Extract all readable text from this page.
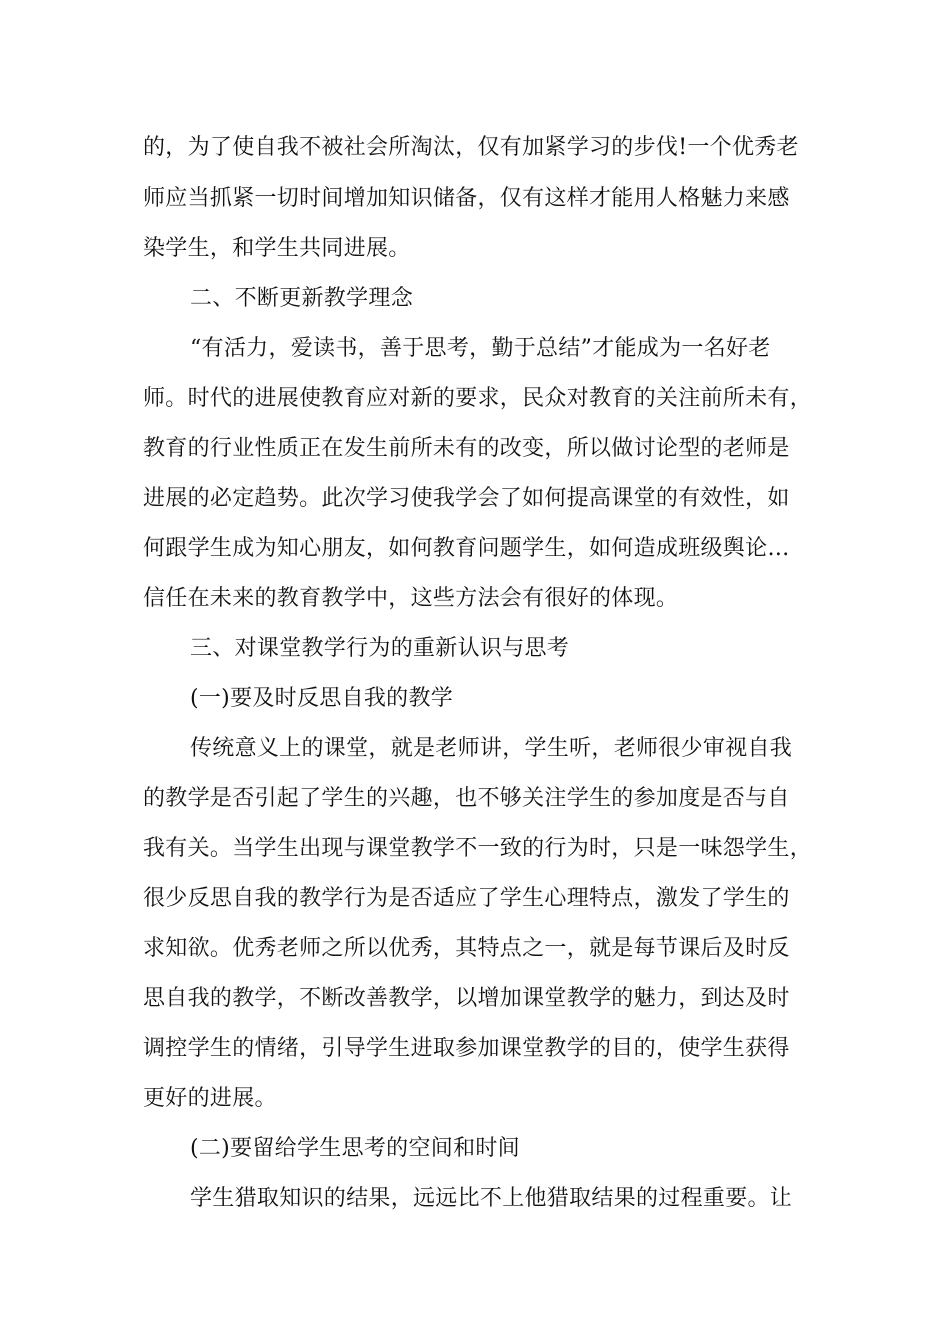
的，为了使自我不被社会所淘汰，仅有加紧学习的步伐!一个优秀老
师应当抓紧一切时间增加知识储备，仅有这样才能用人格魅力来感
染学生，和学生共同进展。
二、不断更新教学理念
“有活力，爱读书，善于思考，勤于总结”才能成为一名好老
师。时代的进展使教育应对新的要求，民众对教育的关注前所未有，
教育的行业性质正在发生前所未有的改变，所以做讨论型的老师是
进展的必定趋势。此次学习使我学会了如何提高课堂的有效性，如
何跟学生成为知心朋友，如何教育问题学生，如何造成班级舆论…
信任在未来的教育教学中，这些方法会有很好的体现。
三、对课堂教学行为的重新认识与思考
(一)要及时反思自我的教学
传统意义上的课堂，就是老师讲，学生听，老师很少审视自我
的教学是否引起了学生的兴趣，也不够关注学生的参加度是否与自
我有关。当学生出现与课堂教学不一致的行为时，只是一味怨学生，
很少反思自我的教学行为是否适应了学生心理特点，激发了学生的
求知欲。优秀老师之所以优秀，其特点之一，就是每节课后及时反
思自我的教学，不断改善教学，以增加课堂教学的魅力，到达及时
调控学生的情绪，引导学生进取参加课堂教学的目的，使学生获得
更好的进展。
(二)要留给学生思考的空间和时间
学生猎取知识的结果，远远比不上他猎取结果的过程重要。让
